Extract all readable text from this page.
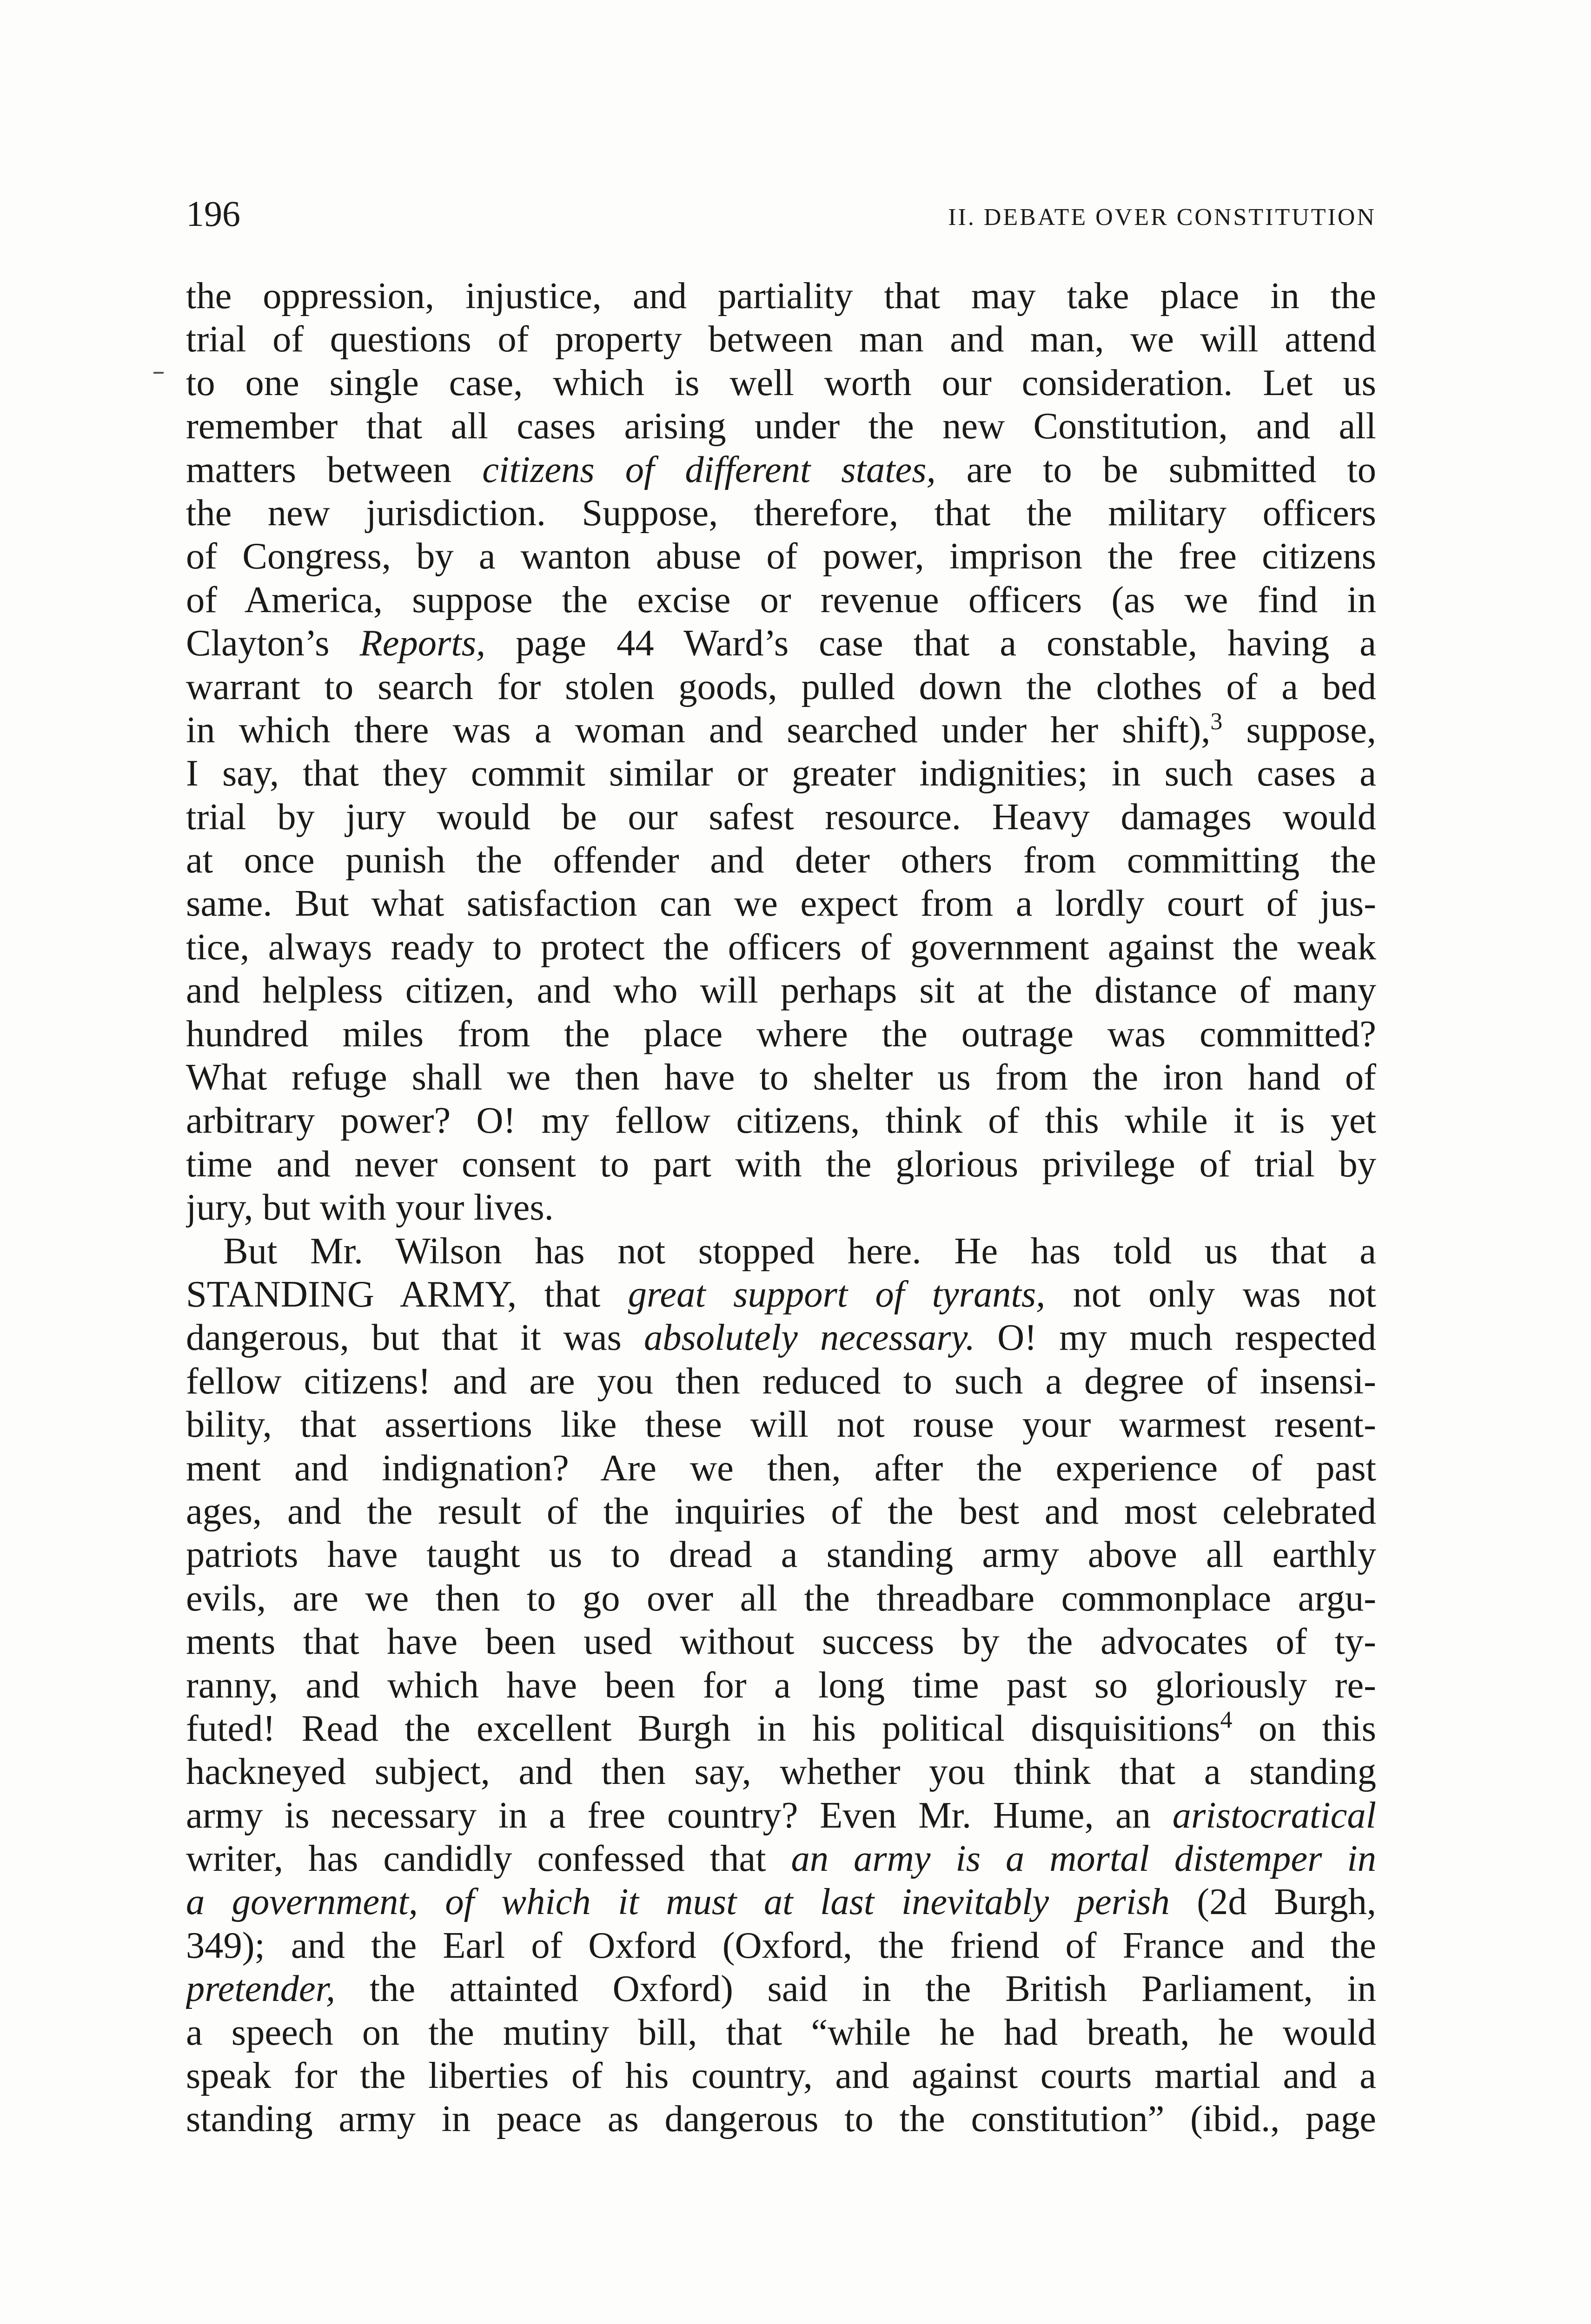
196	II. DEBATE OVER CONSTITUTION
the oppression, injustice, and partiality that may take place in the
trial of questions of property between man and man, we will attend
to one single case, which is well worth our consideration. Let us
remember that all cases arising under the new Constitution, and all
matters between citizens of different states, are to be submitted to
the new jurisdiction. Suppose, therefore, that the military officers
of Congress, by a wanton abuse of power, imprison the free citizens
of America, suppose the excise or revenue officers (as we find in
Clayton’s Reports, page 44 Ward’s case that a constable, having a
warrant to search for stolen goods, pulled down the clothes of a bed
in which there was a woman and searched under her shift),$^3$ suppose,
I say, that they commit similar or greater indignities; in such cases a
trial by jury would be our safest resource. Heavy damages would
at once punish the offender and deter others from committing the
same. But what satisfaction can we expect from a lordly court of jus-
tice, always ready to protect the officers of government against the weak
and helpless citizen, and who will perhaps sit at the distance of many
hundred miles from the place where the outrage was committed?
What refuge shall we then have to shelter us from the iron hand of
arbitrary power? O! my fellow citizens, think of this while it is yet
time and never consent to part with the glorious privilege of trial by
jury, but with your lives.
But Mr. Wilson has not stopped here. He has told us that a
STANDING ARMY, that great support of tyrants, not only was not
dangerous, but that it was absolutely necessary. O! my much respected
fellow citizens! and are you then reduced to such a degree of insensi-
bility, that assertions like these will not rouse your warmest resent-
ment and indignation? Are we then, after the experience of past
ages, and the result of the inquiries of the best and most celebrated
patriots have taught us to dread a standing army above all earthly
evils, are we then to go over all the threadbare commonplace argu-
ments that have been used without success by the advocates of ty-
ranny, and which have been for a long time past so gloriously re-
futed! Read the excellent Burgh in his political disquisitions$^4$ on this
hackneyed subject, and then say, whether you think that a standing
army is necessary in a free country? Even Mr. Hume, an aristocratical
writer, has candidly confessed that an army is a mortal distemper in
a government, of which it must at last inevitably perish (2d Burgh,
349); and the Earl of Oxford (Oxford, the friend of France and the
pretender, the attainted Oxford) said in the British Parliament, in
a speech on the mutiny bill, that “while he had breath, he would
speak for the liberties of his country, and against courts martial and a
standing army in peace as dangerous to the constitution” (ibid., page
